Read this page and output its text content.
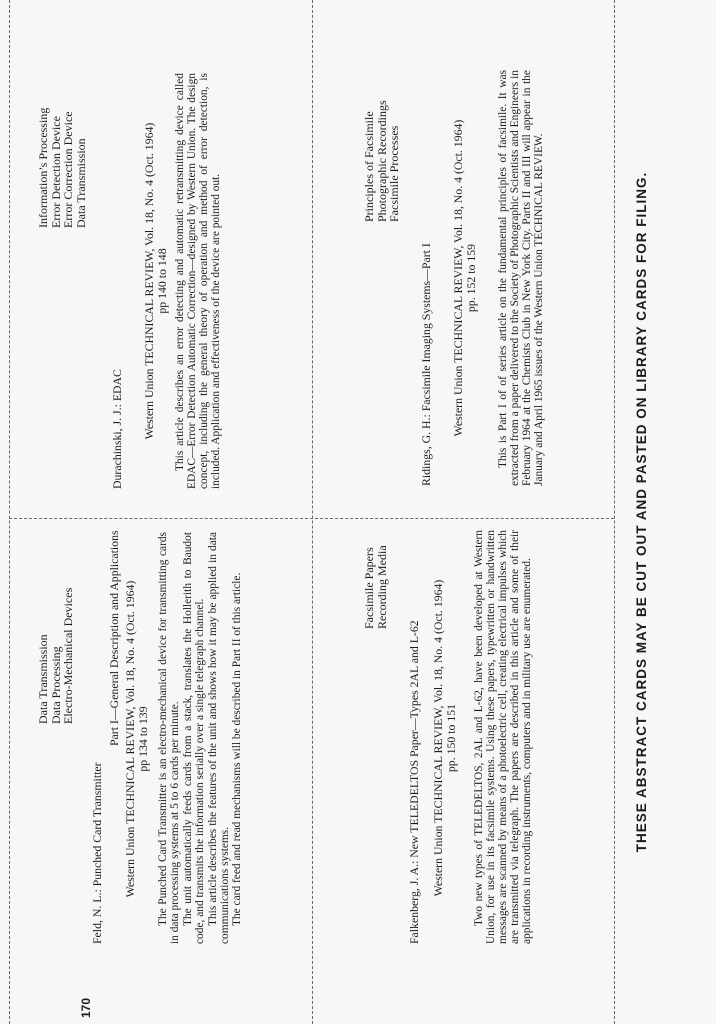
170
Data Transmission
Data Processing
Electro-Mechanical Devices
Feld, N. L.: Punched Card Transmitter
Part I—General Description and Applications Western Union TECHNICAL REVIEW, Vol. 18, No. 4 (Oct. 1964) pp 134 to 139 The Punched Card Transmitter is an electro-mechanical device for transmitting cards in data processing systems at 5 to 6 cards per minute. The unit automatically feeds cards from a stack, translates the Hollerith to Baudot code, and transmits the information serially over a single telegraph channel. This article describes the features of the unit and shows how it may be applied in data communications systems. The card feed and read mechanisms will be described in Part II of this article.

Information’s Processing
Error Detection Device
Error Correction Device
Data Transmission
Durachinski, J. J.: EDAC Western Union TECHNICAL REVIEW, Vol. 18, No. 4 (Oct. 1964) pp 140 to 148 This article describes an error detecting and automatic retransmitting device called EDAC—Error Detection Automatic Correction—designed by Western Union. The design concept, including the general theory of operation and method of error detection, is included. Application and effectiveness of the device are pointed out.

Facsimile Papers
Recording Media
Falkenberg, J. A.: New TELEDELTOS Paper—Types 2AL and L-62 Western Union TECHNICAL REVIEW, Vol. 18, No. 4 (Oct. 1964) pp. 150 to 151 Two new types of TELEDELTOS, 2AL and L-62, have been developed at Western Union, for use in its facsimile systems. Using these papers, typewritten or handwritten messages are scanned by means of a photoelectric cell, creating electrical impulses which are transmitted via telegraph. The papers are described in this article and some of their applications in recording instruments, computers and in military use are enumerated.

Principles of Facsimile
Photographic Recordings
Facsimile Processes
Ridings, G. H.: Facsimile Imaging Systems—Part I Western Union TECHNICAL REVIEW, Vol. 18, No. 4 (Oct. 1964) pp. 152 to 159 This is Part I of of series article on the fundamental principles of facsimile. It was extracted from a paper delivered to the Society of Photographic Scientists and Engineers in February 1964 at the Chemists Club in New York City. Parts II and III will appear in the January and April 1965 issues of the Western Union TECHNICAL REVIEW.	THESE ABSTRACT CARDS MAY BE CUT OUT AND PASTED ON LIBRARY CARDS FOR FILING.
